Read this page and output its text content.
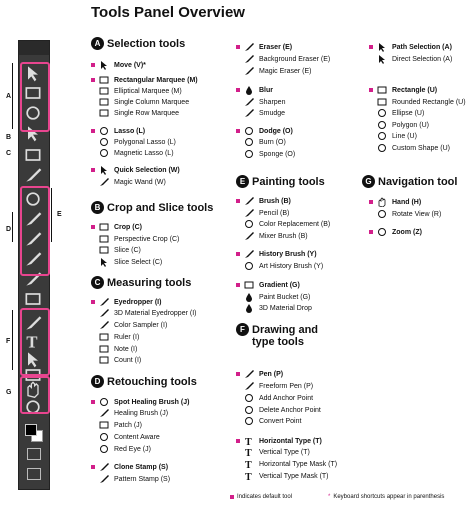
Tools Panel Overview
T
A
B
C
D
E
F
G
A Selection tools
B Crop and Slice tools
C Measuring tools
D Retouching tools
E Painting tools
F Drawing and
type tools
G Navigation tool
Move (V)*
Rectangular Marquee (M)
Elliptical Marquee (M)
Single Column Marquee
Single Row Marquee
Lasso (L)
Polygonal Lasso (L)
Magnetic Lasso (L)
Quick Selection (W)
Magic Wand (W)
Crop (C)
Perspective Crop (C)
Slice (C)
Slice Select (C)
Eyedropper (I)
3D Material Eyedropper (I)
Color Sampler (I)
Ruler (I)
Note (I)
Count (I)
Spot Healing Brush (J)
Healing Brush (J)
Patch (J)
Content Aware
Red Eye (J)
Clone Stamp (S)
Pattern Stamp (S)
Eraser (E)
Background Eraser (E)
Magic Eraser (E)
Blur
Sharpen
Smudge
Dodge (O)
Burn (O)
Sponge (O)
Brush (B)
Pencil (B)
Color Replacement (B)
Mixer Brush (B)
History Brush (Y)
Art History Brush (Y)
Gradient (G)
Paint Bucket (G)
3D Material Drop
Pen (P)
Freeform Pen (P)
Add Anchor Point
Delete Anchor Point
Convert Point
T Horizontal Type (T)
T Vertical Type (T)
T Horizontal Type Mask (T)
T Vertical Type Mask (T)
Path Selection (A)
Direct Selection (A)
Rectangle (U)
Rounded Rectangle (U)
Ellipse (U)
Polygon (U)
Line (U)
Custom Shape (U)
Hand (H)
Rotate View (R)
Zoom (Z)
Indicates default tool	* Keyboard shortcuts appear in parenthesis
